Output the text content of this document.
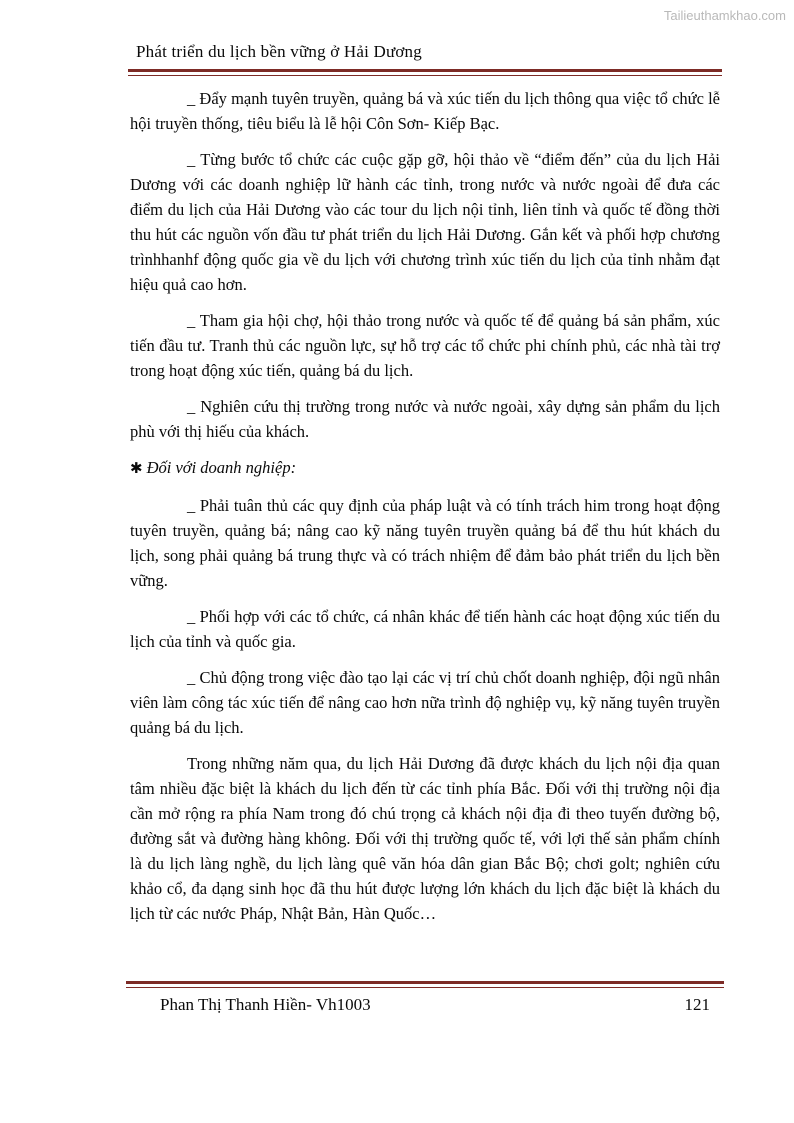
Tailieuthamkhao.com
Phát triển du lịch bền vững ở Hải Dương

_ Đẩy mạnh tuyên truyền, quảng bá và xúc tiến du lịch thông qua việc tổ chức lễ hội truyền thống, tiêu biểu là lễ hội Côn Sơn- Kiếp Bạc.

_ Từng bước tổ chức các cuộc gặp gỡ, hội thảo về “điểm đến” của du lịch Hải Dương với các doanh nghiệp lữ hành các tỉnh, trong nước và nước ngoài để đưa các điểm du lịch của Hải Dương vào các tour du lịch nội tỉnh, liên tỉnh và quốc tế đồng thời thu hút các nguồn vốn đầu tư phát triển du lịch Hải Dương. Gắn kết và phối hợp chương trìnhhanhf động quốc gia về du lịch với chương trình xúc tiến du lịch của tỉnh nhằm đạt hiệu quả cao hơn.

_ Tham gia hội chợ, hội thảo trong nước và quốc tế để quảng bá sản phẩm, xúc tiến đầu tư. Tranh thủ các nguồn lực, sự hỗ trợ các tổ chức phi chính phủ, các nhà tài trợ trong hoạt động xúc tiến, quảng bá du lịch.

_ Nghiên cứu thị trường trong nước và nước ngoài, xây dựng sản phẩm du lịch phù với thị hiếu của khách.

✱ Đối với doanh nghiệp:

_ Phải tuân thủ các quy định của pháp luật và có tính trách him trong hoạt động tuyên truyền, quảng bá; nâng cao kỹ năng tuyên truyền quảng bá để thu hút khách du lịch, song phải quảng bá trung thực và có trách nhiệm để đảm bảo phát triển du lịch bền vững.

_ Phối hợp với các tổ chức, cá nhân khác để tiến hành các hoạt động xúc tiến du lịch của tỉnh và quốc gia.

_ Chủ động trong việc đào tạo lại các vị trí chủ chốt doanh nghiệp, đội ngũ nhân viên làm công tác xúc tiến để nâng cao hơn nữa trình độ nghiệp vụ, kỹ năng tuyên truyền quảng bá du lịch.

Trong những năm qua, du lịch Hải Dương đã được khách du lịch nội địa quan tâm nhiều đặc biệt là khách du lịch đến từ các tỉnh phía Bắc. Đối với thị trường nội địa cần mở rộng ra phía Nam trong đó chú trọng cả khách nội địa đi theo tuyến đường bộ, đường sắt và đường hàng không. Đối với thị trường quốc tế, với lợi thế sản phẩm chính là du lịch làng nghề, du lịch làng quê văn hóa dân gian Bắc Bộ; chơi golt; nghiên cứu khảo cổ, đa dạng sinh học đã thu hút được lượng lớn khách du lịch đặc biệt là khách du lịch từ các nước Pháp, Nhật Bản, Hàn Quốc…

Phan Thị Thanh Hiền- Vh1003	121
